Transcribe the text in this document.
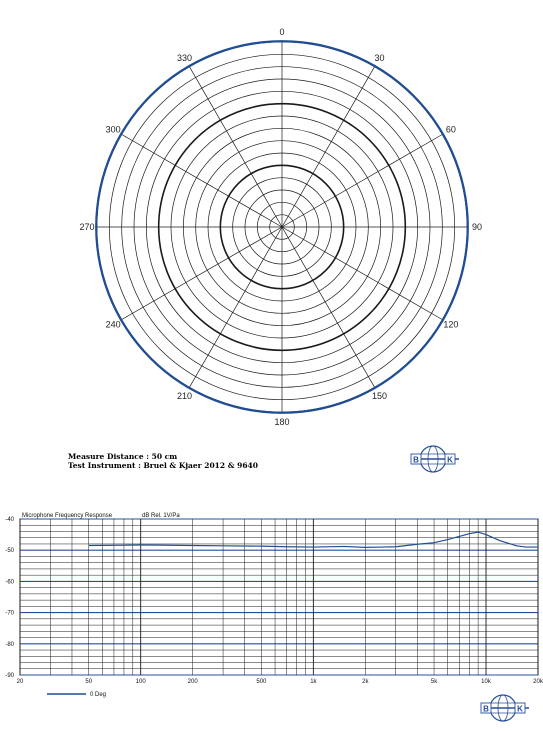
0
30
60
90
120
150
180
210
240
270
300
330
B	K
20	50	100	200	500	1k	2k	5k	10k	20k
-40
-50
-60
-70
-80
-90
Microphone Frequency Response	dB Rel. 1V/Pa
0 Deg
B	K
Measure Distance : 50 cm
Test Instrument : Bruel & Kjaer 2012 & 9640
